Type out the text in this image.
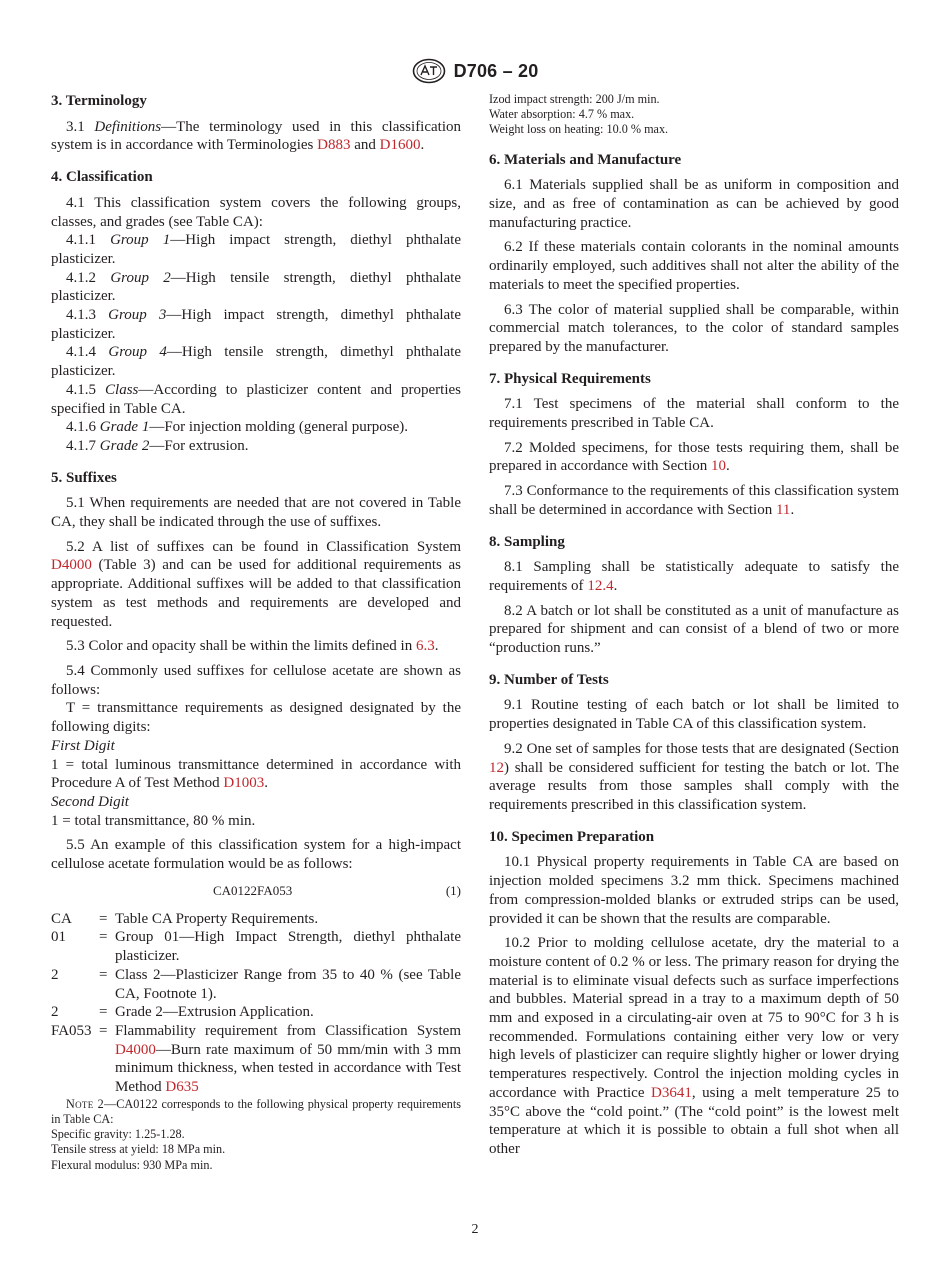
D706 – 20
3. Terminology

3.1 Definitions—The terminology used in this classification system is in accordance with Terminologies D883 and D1600.

4. Classification

4.1 This classification system covers the following groups, classes, and grades (see Table CA):

4.1.1 Group 1—High impact strength, diethyl phthalate plasticizer.

4.1.2 Group 2—High tensile strength, diethyl phthalate plasticizer.

4.1.3 Group 3—High impact strength, dimethyl phthalate plasticizer.

4.1.4 Group 4—High tensile strength, dimethyl phthalate plasticizer.

4.1.5 Class—According to plasticizer content and properties specified in Table CA.

4.1.6 Grade 1—For injection molding (general purpose).

4.1.7 Grade 2—For extrusion.

5. Suffixes

5.1 When requirements are needed that are not covered in Table CA, they shall be indicated through the use of suffixes.

5.2 A list of suffixes can be found in Classification System D4000 (Table 3) and can be used for additional requirements as appropriate. Additional suffixes will be added to that classification system as test methods and requirements are developed and requested.

5.3 Color and opacity shall be within the limits defined in 6.3.

5.4 Commonly used suffixes for cellulose acetate are shown as follows:

T = transmittance requirements as designed designated by the following digits:

First Digit

1 = total luminous transmittance determined in accordance with Procedure A of Test Method D1003.

Second Digit

1 = total transmittance, 80 % min.

5.5 An example of this classification system for a high-impact cellulose acetate formulation would be as follows:

CA0122FA053	(1)
CA	= Table CA Property Requirements.
01	= Group 01—High Impact Strength, diethyl phthalate plasticizer.
2	= Class 2—Plasticizer Range from 35 to 40 % (see Table CA, Footnote 1).
2	= Grade 2—Extrusion Application.
FA053 = Flammability requirement from Classification System D4000—Burn rate maximum of 50 mm/min with 3 mm minimum thickness, when tested in accordance with Test Method D635

Note 2—CA0122 corresponds to the following physical property requirements in Table CA:

Specific gravity: 1.25-1.28.

Tensile stress at yield: 18 MPa min.

Flexural modulus: 930 MPa min.

Izod impact strength: 200 J/m min.

Water absorption: 4.7 % max.

Weight loss on heating: 10.0 % max.

6. Materials and Manufacture

6.1 Materials supplied shall be as uniform in composition and size, and as free of contamination as can be achieved by good manufacturing practice.

6.2 If these materials contain colorants in the nominal amounts ordinarily employed, such additives shall not alter the ability of the materials to meet the specified properties.

6.3 The color of material supplied shall be comparable, within commercial match tolerances, to the color of standard samples prepared by the manufacturer.

7. Physical Requirements

7.1 Test specimens of the material shall conform to the requirements prescribed in Table CA.

7.2 Molded specimens, for those tests requiring them, shall be prepared in accordance with Section 10.

7.3 Conformance to the requirements of this classification system shall be determined in accordance with Section 11.

8. Sampling

8.1 Sampling shall be statistically adequate to satisfy the requirements of 12.4.

8.2 A batch or lot shall be constituted as a unit of manufacture as prepared for shipment and can consist of a blend of two or more “production runs.”

9. Number of Tests

9.1 Routine testing of each batch or lot shall be limited to properties designated in Table CA of this classification system.

9.2 One set of samples for those tests that are designated (Section 12) shall be considered sufficient for testing the batch or lot. The average results from those samples shall comply with the requirements prescribed in this classification system.

10. Specimen Preparation

10.1 Physical property requirements in Table CA are based on injection molded specimens 3.2 mm thick. Specimens machined from compression-molded blanks or extruded strips can be used, provided it can be shown that the results are comparable.

10.2 Prior to molding cellulose acetate, dry the material to a moisture content of 0.2 % or less. The primary reason for drying the material is to eliminate visual defects such as surface imperfections and bubbles. Material spread in a tray to a maximum depth of 50 mm and exposed in a circulating-air oven at 75 to 90°C for 3 h is recommended. Formulations containing either very low or very high levels of plasticizer can require slightly higher or lower drying temperatures respectively. Control the injection molding cycles in accordance with Practice D3641, using a melt temperature 25 to 35°C above the “cold point.” (The “cold point” is the lowest melt temperature at which it is possible to obtain a full shot when all other

2
